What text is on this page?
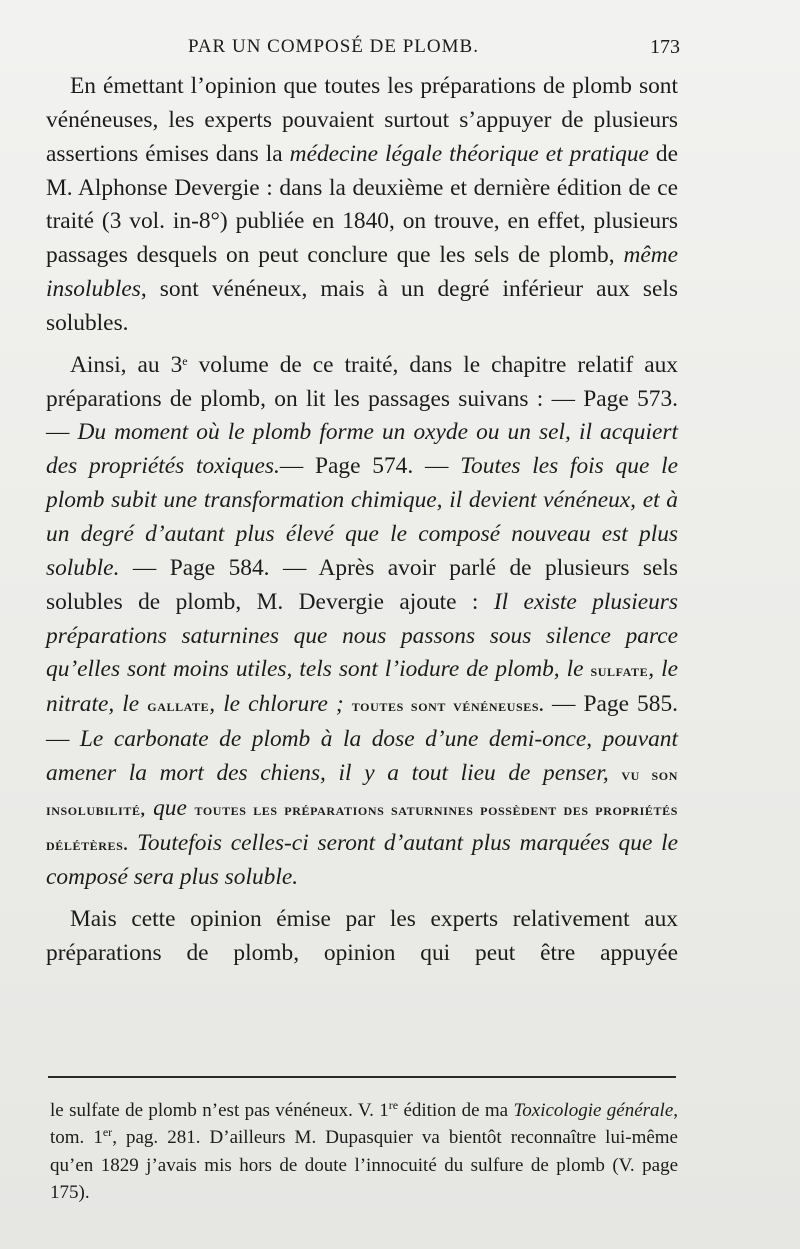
PAR UN COMPOSÉ DE PLOMB.	173

En émettant l’opinion que toutes les préparations de plomb sont vénéneuses, les experts pouvaient surtout s’appuyer de plusieurs assertions émises dans la médecine légale théorique et pratique de M. Alphonse Devergie : dans la deuxième et dernière édition de ce traité (3 vol. in-8°) publiée en 1840, on trouve, en effet, plusieurs passages desquels on peut conclure que les sels de plomb, même insolubles, sont vénéneux, mais à un degré inférieur aux sels solubles.

Ainsi, au 3e volume de ce traité, dans le chapitre relatif aux préparations de plomb, on lit les passages suivans : — Page 573. — Du moment où le plomb forme un oxyde ou un sel, il acquiert des propriétés toxiques.— Page 574. — Toutes les fois que le plomb subit une transformation chimique, il devient vénéneux, et à un degré d’autant plus élevé que le composé nouveau est plus soluble. — Page 584. — Après avoir parlé de plusieurs sels solubles de plomb, M. Devergie ajoute : Il existe plusieurs préparations saturnines que nous passons sous silence parce qu’elles sont moins utiles, tels sont l’iodure de plomb, le sulfate, le nitrate, le gallate, le chlorure ; toutes sont vénéneuses. — Page 585. — Le carbonate de plomb à la dose d’une demi-once, pouvant amener la mort des chiens, il y a tout lieu de penser, vu son insolubilité, que toutes les préparations saturnines possèdent des propriétés délétères. Toutefois celles-ci seront d’autant plus marquées que le composé sera plus soluble.

Mais cette opinion émise par les experts relativement aux préparations de plomb, opinion qui peut être appuyée

le sulfate de plomb n’est pas vénéneux. V. 1re édition de ma Toxicologie générale, tom. 1er, pag. 281. D’ailleurs M. Dupasquier va bientôt reconnaître lui-même qu’en 1829 j’avais mis hors de doute l’innocuité du sulfure de plomb (V. page 175).
